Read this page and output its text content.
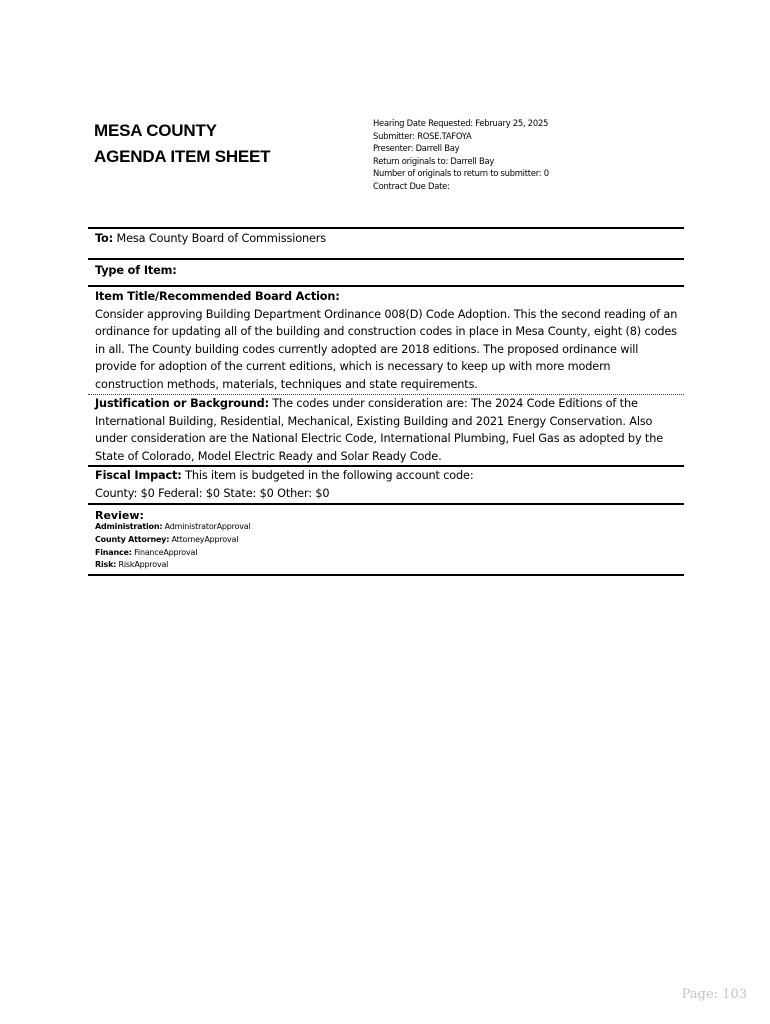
MESA COUNTY
AGENDA ITEM SHEET
Hearing Date Requested: February 25, 2025
Submitter: ROSE.TAFOYA
Presenter: Darrell Bay
Return originals to: Darrell Bay
Number of originals to return to submitter: 0
Contract Due Date:
To: Mesa County Board of Commissioners
Type of Item:
Item Title/Recommended Board Action:
Consider approving Building Department Ordinance 008(D) Code Adoption. This the second reading of an ordinance for updating all of the building and construction codes in place in Mesa County, eight (8) codes in all. The County building codes currently adopted are 2018 editions. The proposed ordinance will provide for adoption of the current editions, which is necessary to keep up with more modern construction methods, materials, techniques and state requirements.
Justification or Background: The codes under consideration are: The 2024 Code Editions of the International Building, Residential, Mechanical, Existing Building and 2021 Energy Conservation. Also under consideration are the National Electric Code, International Plumbing, Fuel Gas as adopted by the State of Colorado, Model Electric Ready and Solar Ready Code.
Fiscal Impact: This item is budgeted in the following account code:
County: $0 Federal: $0 State: $0 Other: $0
Review:
Administration: AdministratorApproval
County Attorney: AttorneyApproval
Finance: FinanceApproval
Risk: RiskApproval
Page: 103
